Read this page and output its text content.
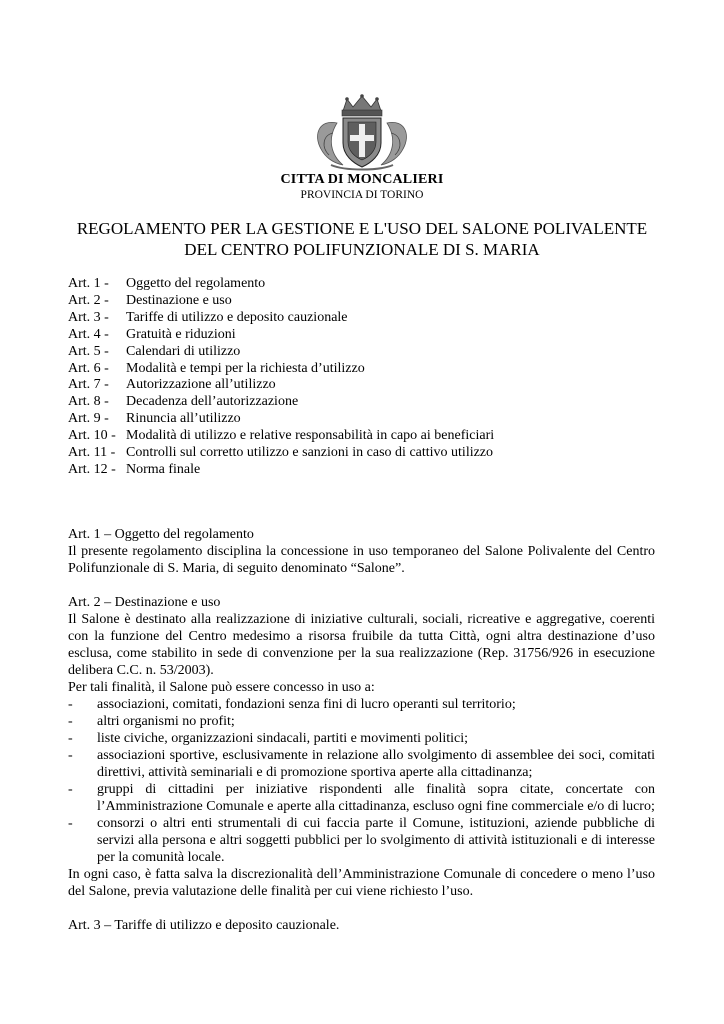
CITTA DI MONCALIERI
PROVINCIA DI TORINO
REGOLAMENTO PER LA GESTIONE E L'USO DEL SALONE POLIVALENTE
DEL CENTRO POLIFUNZIONALE DI S. MARIA
Art. 1 -	Oggetto del regolamento
Art. 2 -	Destinazione e uso
Art. 3 -	Tariffe di utilizzo e deposito cauzionale
Art. 4 -	Gratuità e riduzioni
Art. 5 -	Calendari di utilizzo
Art. 6 -	Modalità e tempi per la richiesta d’utilizzo
Art. 7 -	Autorizzazione all’utilizzo
Art. 8 -	Decadenza dell’autorizzazione
Art. 9 -	Rinuncia all’utilizzo
Art. 10 - Modalità di utilizzo e relative responsabilità in capo ai beneficiari
Art. 11 - Controlli sul corretto utilizzo e sanzioni in caso di cattivo utilizzo
Art. 12 - Norma finale

Art. 1 – Oggetto del regolamento

Il presente regolamento disciplina la concessione in uso temporaneo del Salone Polivalente del Centro Polifunzionale di S. Maria, di seguito denominato “Salone”.

Art. 2 – Destinazione e uso

Il Salone è destinato alla realizzazione di iniziative culturali, sociali, ricreative e aggregative, coerenti con la funzione del Centro medesimo a risorsa fruibile da tutta Città, ogni altra destinazione d’uso esclusa, come stabilito in sede di convenzione per la sua realizzazione (Rep. 31756/926 in esecuzione delibera C.C. n. 53/2003).

Per tali finalità, il Salone può essere concesso in uso a:

- associazioni, comitati, fondazioni senza fini di lucro operanti sul territorio;
- altri organismi no profit;
- liste civiche, organizzazioni sindacali, partiti e movimenti politici;
- associazioni sportive, esclusivamente in relazione allo svolgimento di assemblee dei soci, comitati direttivi, attività seminariali e di promozione sportiva aperte alla cittadinanza;
- gruppi di cittadini per iniziative rispondenti alle finalità sopra citate, concertate con l’Amministrazione Comunale e aperte alla cittadinanza, escluso ogni fine commerciale e/o di lucro;
- consorzi o altri enti strumentali di cui faccia parte il Comune, istituzioni, aziende pubbliche di servizi alla persona e altri soggetti pubblici per lo svolgimento di attività istituzionali e di interesse per la comunità locale.

In ogni caso, è fatta salva la discrezionalità dell’Amministrazione Comunale di concedere o meno l’uso del Salone, previa valutazione delle finalità per cui viene richiesto l’uso.

Art. 3 – Tariffe di utilizzo e deposito cauzionale.
